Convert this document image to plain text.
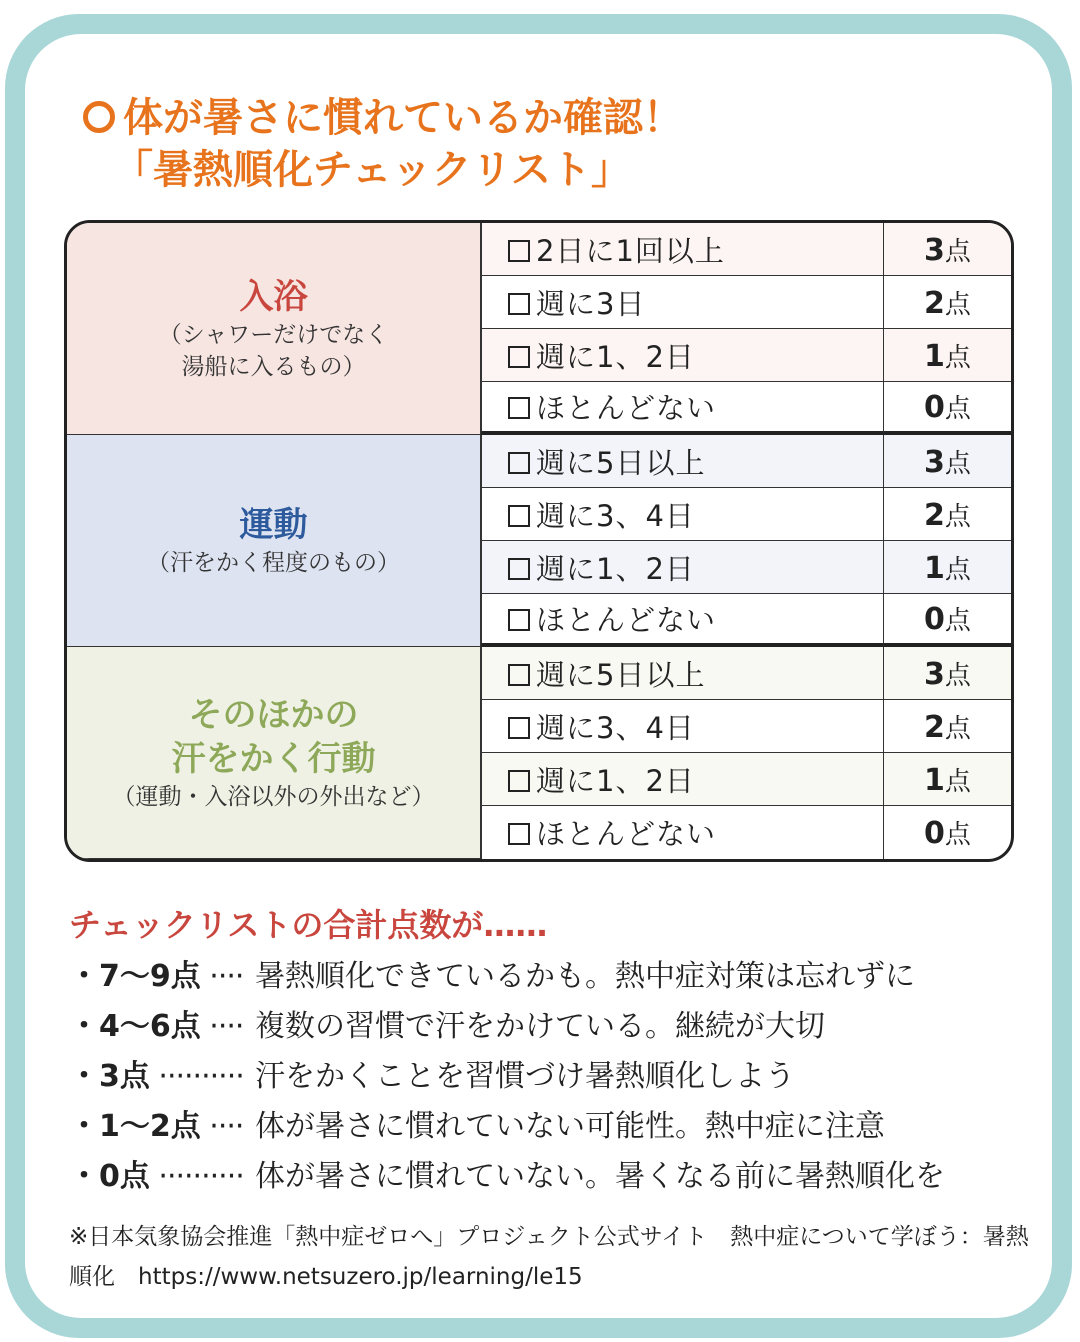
体が暑さに慣れているか確認！
「暑熱順化チェックリスト」
入浴
（シャワーだけでなく
湯船に入るもの）	2日に1回以上	3点
	週に3日	2点
	週に1、2日	1点
	ほとんどない	0点

運動
（汗をかく程度のもの）	週に5日以上	3点
	週に3、4日	2点
	週に1、2日	1点
	ほとんどない	0点

そのほかの
汗をかく行動
（運動・入浴以外の外出など）	週に5日以上	3点
	週に3、4日	2点
	週に1、2日	1点
	ほとんどない	0点
チェックリストの合計点数が……
・7～9点 ···· 暑熱順化できているかも。熱中症対策は忘れずに
・4～6点 ···· 複数の習慣で汗をかけている。継続が大切
・3点 ·········· 汗をかくことを習慣づけ暑熱順化しよう
・1～2点 ···· 体が暑さに慣れていない可能性。熱中症に注意
・0点 ·········· 体が暑さに慣れていない。暑くなる前に暑熱順化を

※日本気象協会推進「熱中症ゼロへ」プロジェクト公式サイト　熱中症について学ぼう：暑熱順化　https://www.netsuzero.jp/learning/le15
